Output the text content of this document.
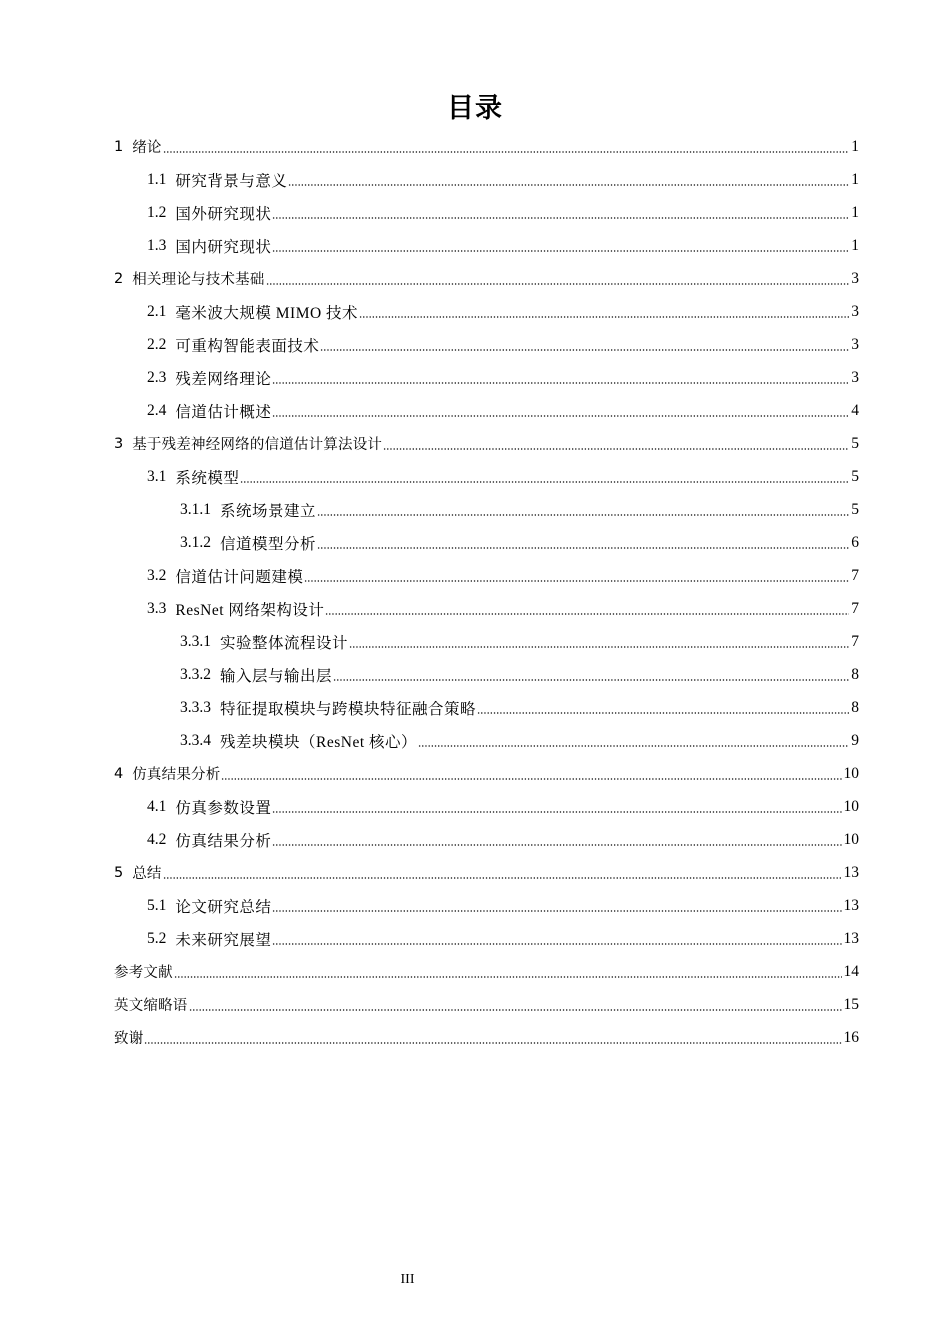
目录
1 绪论	1
1.1 研究背景与意义	1
1.2 国外研究现状	1
1.3 国内研究现状	1
2 相关理论与技术基础	3
2.1 毫米波大规模 MIMO 技术	3
2.2 可重构智能表面技术	3
2.3 残差网络理论	3
2.4 信道估计概述	4
3 基于残差神经网络的信道估计算法设计	5
3.1 系统模型	5
3.1.1 系统场景建立	5
3.1.2 信道模型分析	6
3.2 信道估计问题建模	7
3.3 ResNet 网络架构设计	7
3.3.1 实验整体流程设计	7
3.3.2 输入层与输出层	8
3.3.3 特征提取模块与跨模块特征融合策略	8
3.3.4 残差块模块（ResNet 核心）	9
4 仿真结果分析	10
4.1 仿真参数设置	10
4.2 仿真结果分析	10
5 总结	13
5.1 论文研究总结	13
5.2 未来研究展望	13
参考文献	14
英文缩略语	15
致谢	16
III
